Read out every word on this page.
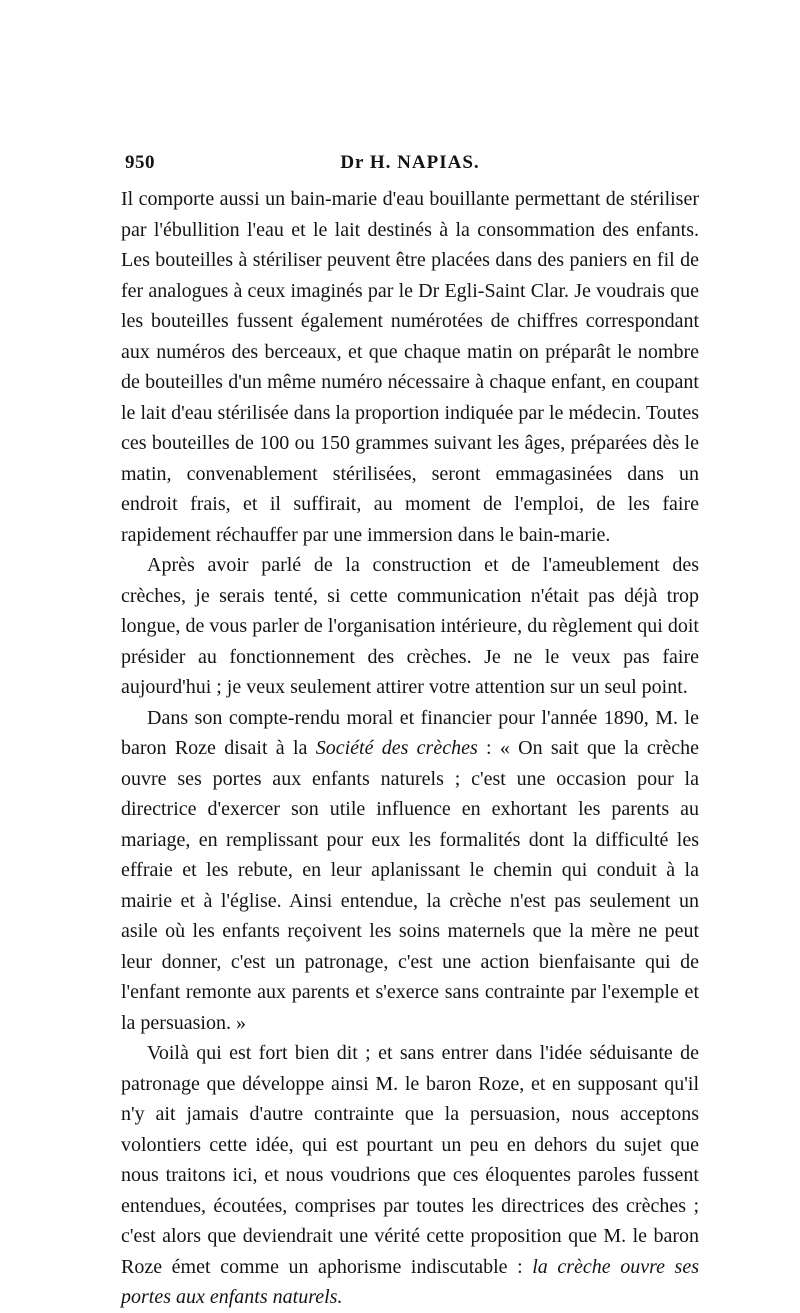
950	Dr H. NAPIAS.

Il comporte aussi un bain-marie d'eau bouillante permettant de stériliser par l'ébullition l'eau et le lait destinés à la consommation des enfants. Les bouteilles à stériliser peuvent être placées dans des paniers en fil de fer analogues à ceux imaginés par le Dr Egli-Saint Clar. Je voudrais que les bouteilles fussent également numérotées de chiffres correspondant aux numéros des berceaux, et que chaque matin on préparât le nombre de bouteilles d'un même numéro nécessaire à chaque enfant, en coupant le lait d'eau stérilisée dans la proportion indiquée par le médecin. Toutes ces bouteilles de 100 ou 150 grammes suivant les âges, préparées dès le matin, convenablement stérilisées, seront emmagasinées dans un endroit frais, et il suffirait, au moment de l'emploi, de les faire rapidement réchauffer par une immersion dans le bain-marie.

Après avoir parlé de la construction et de l'ameublement des crèches, je serais tenté, si cette communication n'était pas déjà trop longue, de vous parler de l'organisation intérieure, du règlement qui doit présider au fonctionnement des crèches. Je ne le veux pas faire aujourd'hui ; je veux seulement attirer votre attention sur un seul point.

Dans son compte-rendu moral et financier pour l'année 1890, M. le baron Roze disait à la Société des crèches : « On sait que la crèche ouvre ses portes aux enfants naturels ; c'est une occasion pour la directrice d'exercer son utile influence en exhortant les parents au mariage, en remplissant pour eux les formalités dont la difficulté les effraie et les rebute, en leur aplanissant le chemin qui conduit à la mairie et à l'église. Ainsi entendue, la crèche n'est pas seulement un asile où les enfants reçoivent les soins maternels que la mère ne peut leur donner, c'est un patronage, c'est une action bienfaisante qui de l'enfant remonte aux parents et s'exerce sans contrainte par l'exemple et la persuasion. »

Voilà qui est fort bien dit ; et sans entrer dans l'idée séduisante de patronage que développe ainsi M. le baron Roze, et en supposant qu'il n'y ait jamais d'autre contrainte que la persuasion, nous acceptons volontiers cette idée, qui est pourtant un peu en dehors du sujet que nous traitons ici, et nous voudrions que ces éloquentes paroles fussent entendues, écoutées, comprises par toutes les directrices des crèches ; c'est alors que deviendrait une vérité cette proposition que M. le baron Roze émet comme un aphorisme indiscutable : la crèche ouvre ses portes aux enfants naturels.
